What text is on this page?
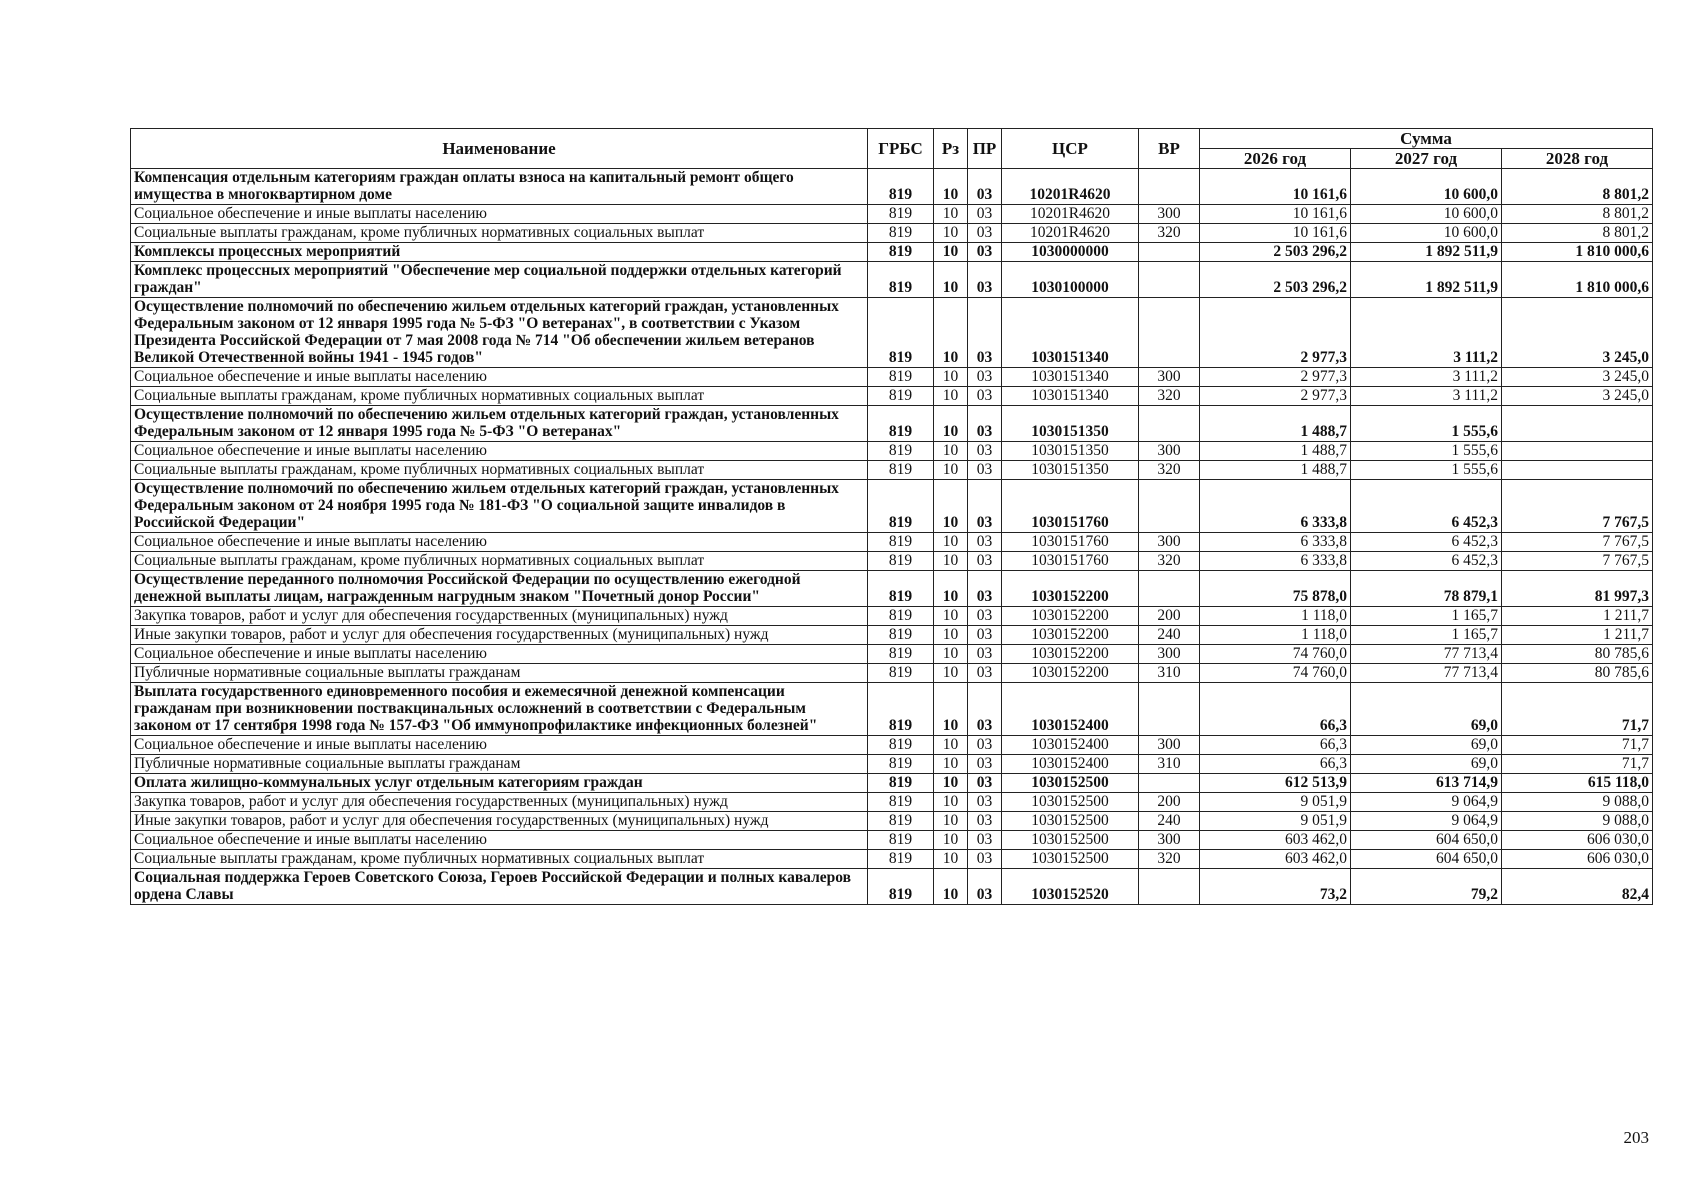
Наименование	ГРБС	Рз	ПР	ЦСР	ВР	Сумма		
						2026 год	2027 год	2028 год
Компенсация отдельным категориям граждан оплаты взноса на капитальный ремонт общего имущества в многоквартирном доме	819	10	03	10201R4620		10 161,6	10 600,0	8 801,2
Социальное обеспечение и иные выплаты населению	819	10	03	10201R4620	300	10 161,6	10 600,0	8 801,2
Социальные выплаты гражданам, кроме публичных нормативных социальных выплат	819	10	03	10201R4620	320	10 161,6	10 600,0	8 801,2
Комплексы процессных мероприятий	819	10	03	1030000000		2 503 296,2	1 892 511,9	1 810 000,6
Комплекс процессных мероприятий "Обеспечение мер социальной поддержки отдельных категорий граждан"	819	10	03	1030100000		2 503 296,2	1 892 511,9	1 810 000,6
Осуществление полномочий по обеспечению жильем отдельных категорий граждан, установленных Федеральным законом от 12 января 1995 года № 5-ФЗ "О ветеранах", в соответствии с Указом Президента Российской Федерации от 7 мая 2008 года № 714 "Об обеспечении жильем ветеранов Великой Отечественной войны 1941 - 1945 годов"	819	10	03	1030151340		2 977,3	3 111,2	3 245,0
Социальное обеспечение и иные выплаты населению	819	10	03	1030151340	300	2 977,3	3 111,2	3 245,0
Социальные выплаты гражданам, кроме публичных нормативных социальных выплат	819	10	03	1030151340	320	2 977,3	3 111,2	3 245,0
Осуществление полномочий по обеспечению жильем отдельных категорий граждан, установленных Федеральным законом от 12 января 1995 года № 5-ФЗ "О ветеранах"	819	10	03	1030151350		1 488,7	1 555,6	
Социальное обеспечение и иные выплаты населению	819	10	03	1030151350	300	1 488,7	1 555,6	
Социальные выплаты гражданам, кроме публичных нормативных социальных выплат	819	10	03	1030151350	320	1 488,7	1 555,6	
Осуществление полномочий по обеспечению жильем отдельных категорий граждан, установленных Федеральным законом от 24 ноября 1995 года № 181-ФЗ "О социальной защите инвалидов в Российской Федерации"	819	10	03	1030151760		6 333,8	6 452,3	7 767,5
Социальное обеспечение и иные выплаты населению	819	10	03	1030151760	300	6 333,8	6 452,3	7 767,5
Социальные выплаты гражданам, кроме публичных нормативных социальных выплат	819	10	03	1030151760	320	6 333,8	6 452,3	7 767,5
Осуществление переданного полномочия Российской Федерации по осуществлению ежегодной денежной выплаты лицам, награжденным нагрудным знаком "Почетный донор России"	819	10	03	1030152200		75 878,0	78 879,1	81 997,3
Закупка товаров, работ и услуг для обеспечения государственных (муниципальных) нужд	819	10	03	1030152200	200	1 118,0	1 165,7	1 211,7
Иные закупки товаров, работ и услуг для обеспечения государственных (муниципальных) нужд	819	10	03	1030152200	240	1 118,0	1 165,7	1 211,7
Социальное обеспечение и иные выплаты населению	819	10	03	1030152200	300	74 760,0	77 713,4	80 785,6
Публичные нормативные социальные выплаты гражданам	819	10	03	1030152200	310	74 760,0	77 713,4	80 785,6
Выплата государственного единовременного пособия и ежемесячной денежной компенсации гражданам при возникновении поствакцинальных осложнений в соответствии с Федеральным законом от 17 сентября 1998 года № 157-ФЗ "Об иммунопрофилактике инфекционных болезней"	819	10	03	1030152400		66,3	69,0	71,7
Социальное обеспечение и иные выплаты населению	819	10	03	1030152400	300	66,3	69,0	71,7
Публичные нормативные социальные выплаты гражданам	819	10	03	1030152400	310	66,3	69,0	71,7
Оплата жилищно-коммунальных услуг отдельным категориям граждан	819	10	03	1030152500		612 513,9	613 714,9	615 118,0
Закупка товаров, работ и услуг для обеспечения государственных (муниципальных) нужд	819	10	03	1030152500	200	9 051,9	9 064,9	9 088,0
Иные закупки товаров, работ и услуг для обеспечения государственных (муниципальных) нужд	819	10	03	1030152500	240	9 051,9	9 064,9	9 088,0
Социальное обеспечение и иные выплаты населению	819	10	03	1030152500	300	603 462,0	604 650,0	606 030,0
Социальные выплаты гражданам, кроме публичных нормативных социальных выплат	819	10	03	1030152500	320	603 462,0	604 650,0	606 030,0
Социальная поддержка Героев Советского Союза, Героев Российской Федерации и полных кавалеров ордена Славы	819	10	03	1030152520		73,2	79,2	82,4
203
